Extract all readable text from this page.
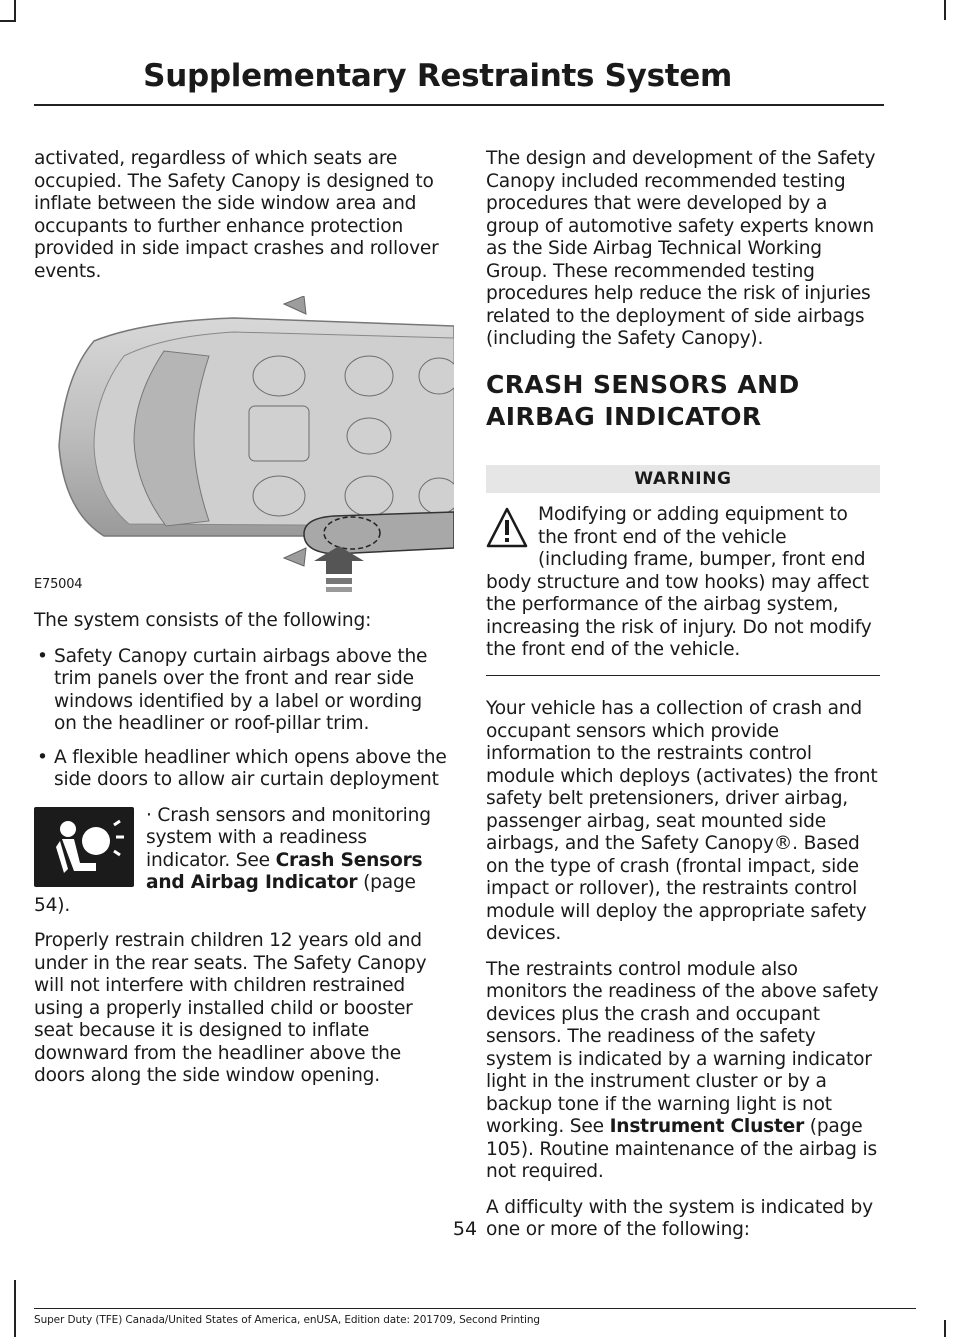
Supplementary Restraints System

activated, regardless of which seats are occupied. The Safety Canopy is designed to inflate between the side window area and occupants to further enhance protection provided in side impact crashes and rollover events.

E75004

The system consists of the following:

• Safety Canopy curtain airbags above the trim panels over the front and rear side windows identified by a label or wording on the headliner or roof-pillar trim.
• A flexible headliner which opens above the side doors to allow air curtain deployment
· Crash sensors and monitoring system with a readiness indicator. See Crash Sensors and Airbag Indicator (page 54).

Properly restrain children 12 years old and under in the rear seats. The Safety Canopy will not interfere with children restrained using a properly installed child or booster seat because it is designed to inflate downward from the headliner above the doors along the side window opening.

The design and development of the Safety Canopy included recommended testing procedures that were developed by a group of automotive safety experts known as the Side Airbag Technical Working Group. These recommended testing procedures help reduce the risk of injuries related to the deployment of side airbags (including the Safety Canopy).

CRASH SENSORS AND
AIRBAG INDICATOR
WARNING
Modifying or adding equipment to the front end of the vehicle (including frame, bumper, front end body structure and tow hooks) may affect the performance of the airbag system, increasing the risk of injury. Do not modify the front end of the vehicle.

Your vehicle has a collection of crash and occupant sensors which provide information to the restraints control module which deploys (activates) the front safety belt pretensioners, driver airbag, passenger airbag, seat mounted side airbags, and the Safety Canopy®. Based on the type of crash (frontal impact, side impact or rollover), the restraints control module will deploy the appropriate safety devices.

The restraints control module also monitors the readiness of the above safety devices plus the crash and occupant sensors. The readiness of the safety system is indicated by a warning indicator light in the instrument cluster or by a backup tone if the warning light is not working. See Instrument Cluster (page 105). Routine maintenance of the airbag is not required.

A difficulty with the system is indicated by one or more of the following:

54
Super Duty (TFE) Canada/United States of America, enUSA, Edition date: 201709, Second Printing
